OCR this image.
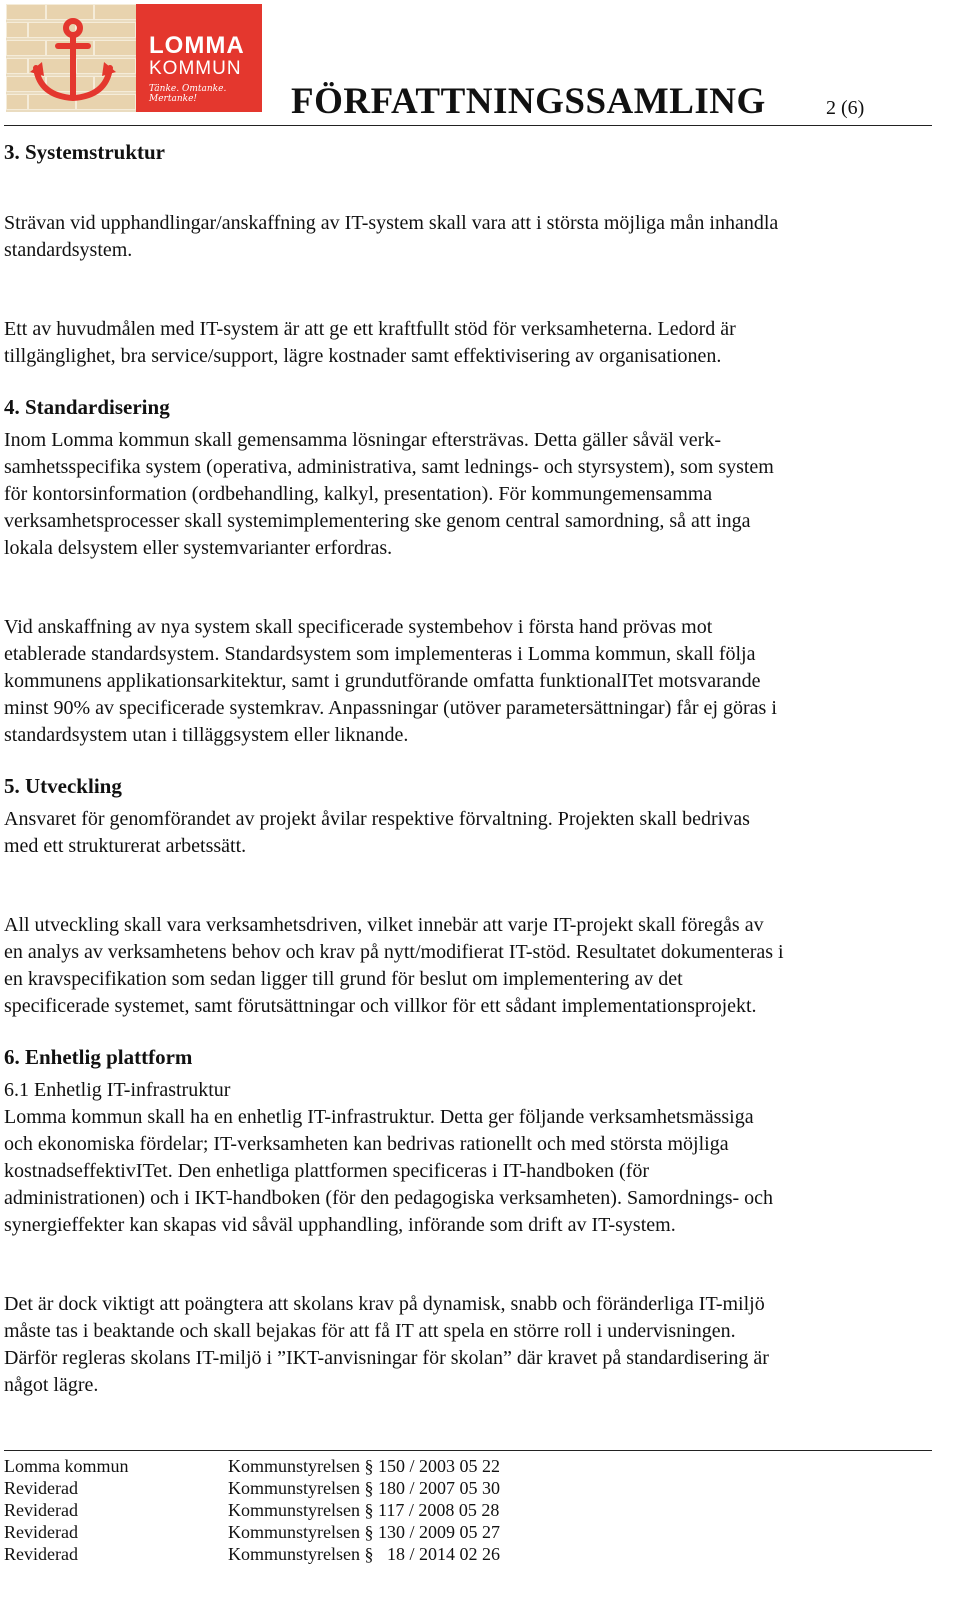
LOMMA
KOMMUN
Tänke. Omtanke. Mertanke!	FÖRFATTNINGSSAMLING	2 (6)
3. Systemstruktur
Strävan vid upphandlingar/anskaffning av IT-system skall vara att i största möjliga mån inhandla
standardsystem.
Ett av huvudmålen med IT-system är att ge ett kraftfullt stöd för verksamheterna. Ledord är
tillgänglighet, bra service/support, lägre kostnader samt effektivisering av organisationen.
4. Standardisering
Inom Lomma kommun skall gemensamma lösningar eftersträvas. Detta gäller såväl verk-
samhetsspecifika system (operativa, administrativa, samt lednings- och styrsystem), som system
för kontorsinformation (ordbehandling, kalkyl, presentation). För kommungemensamma
verksamhetsprocesser skall systemimplementering ske genom central samordning, så att inga
lokala delsystem eller systemvarianter erfordras.
Vid anskaffning av nya system skall specificerade systembehov i första hand prövas mot
etablerade standardsystem. Standardsystem som implementeras i Lomma kommun, skall följa
kommunens applikationsarkitektur, samt i grundutförande omfatta funktionalITet motsvarande
minst 90% av specificerade systemkrav. Anpassningar (utöver parametersättningar) får ej göras i
standardsystem utan i tilläggsystem eller liknande.
5. Utveckling
Ansvaret för genomförandet av projekt åvilar respektive förvaltning. Projekten skall bedrivas
med ett strukturerat arbetssätt.
All utveckling skall vara verksamhetsdriven, vilket innebär att varje IT-projekt skall föregås av
en analys av verksamhetens behov och krav på nytt/modifierat IT-stöd. Resultatet dokumenteras i
en kravspecifikation som sedan ligger till grund för beslut om implementering av det
specificerade systemet, samt förutsättningar och villkor för ett sådant implementationsprojekt.
6. Enhetlig plattform
6.1 Enhetlig IT-infrastruktur
Lomma kommun skall ha en enhetlig IT-infrastruktur. Detta ger följande verksamhetsmässiga
och ekonomiska fördelar; IT-verksamheten kan bedrivas rationellt och med största möjliga
kostnadseffektivITet. Den enhetliga plattformen specificeras i IT-handboken (för
administrationen) och i IKT-handboken (för den pedagogiska verksamheten). Samordnings- och
synergieffekter kan skapas vid såväl upphandling, införande som drift av IT-system.
Det är dock viktigt att poängtera att skolans krav på dynamisk, snabb och föränderliga IT-miljö
måste tas i beaktande och skall bejakas för att få IT att spela en större roll i undervisningen.
Därför regleras skolans IT-miljö i ”IKT-anvisningar för skolan” där kravet på standardisering är
något lägre.
Lomma kommun	Kommunstyrelsen § 150 / 2003 05 22
Reviderad	Kommunstyrelsen § 180 / 2007 05 30
Reviderad	Kommunstyrelsen § 117 / 2008 05 28
Reviderad	Kommunstyrelsen § 130 / 2009 05 27
Reviderad	Kommunstyrelsen §   18 / 2014 02 26
